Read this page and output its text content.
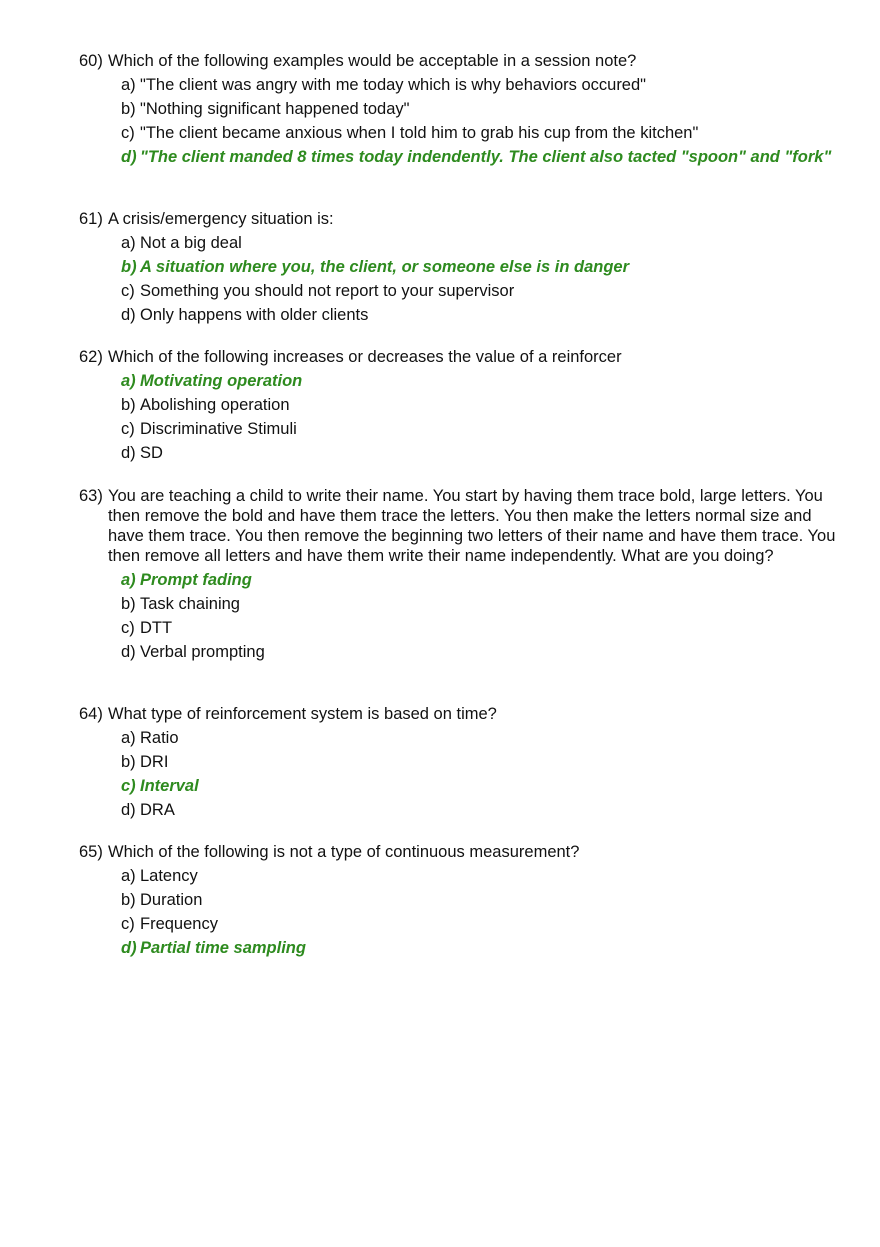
60) Which of the following examples would be acceptable in a session note?
a) "The client was angry with me today which is why behaviors occured"
b) "Nothing significant happened today"
c) "The client became anxious when I told him to grab his cup from the kitchen"
d) "The client manded 8 times today indendently. The client also tacted "spoon" and "fork"
61) A crisis/emergency situation is:
a) Not a big deal
b) A situation where you, the client, or someone else is in danger
c) Something you should not report to your supervisor
d) Only happens with older clients
62) Which of the following increases or decreases the value of a reinforcer
a) Motivating operation
b) Abolishing operation
c) Discriminative Stimuli
d) SD
63) You are teaching a child to write their name. You start by having them trace bold, large letters. You then remove the bold and have them trace the letters. You then make the letters normal size and have them trace. You then remove the beginning two letters of their name and have them trace. You then remove all letters and have them write their name independently. What are you doing?
a) Prompt fading
b) Task chaining
c) DTT
d) Verbal prompting
64) What type of reinforcement system is based on time?
a) Ratio
b) DRI
c) Interval
d) DRA
65) Which of the following is not a type of continuous measurement?
a) Latency
b) Duration
c) Frequency
d) Partial time sampling
